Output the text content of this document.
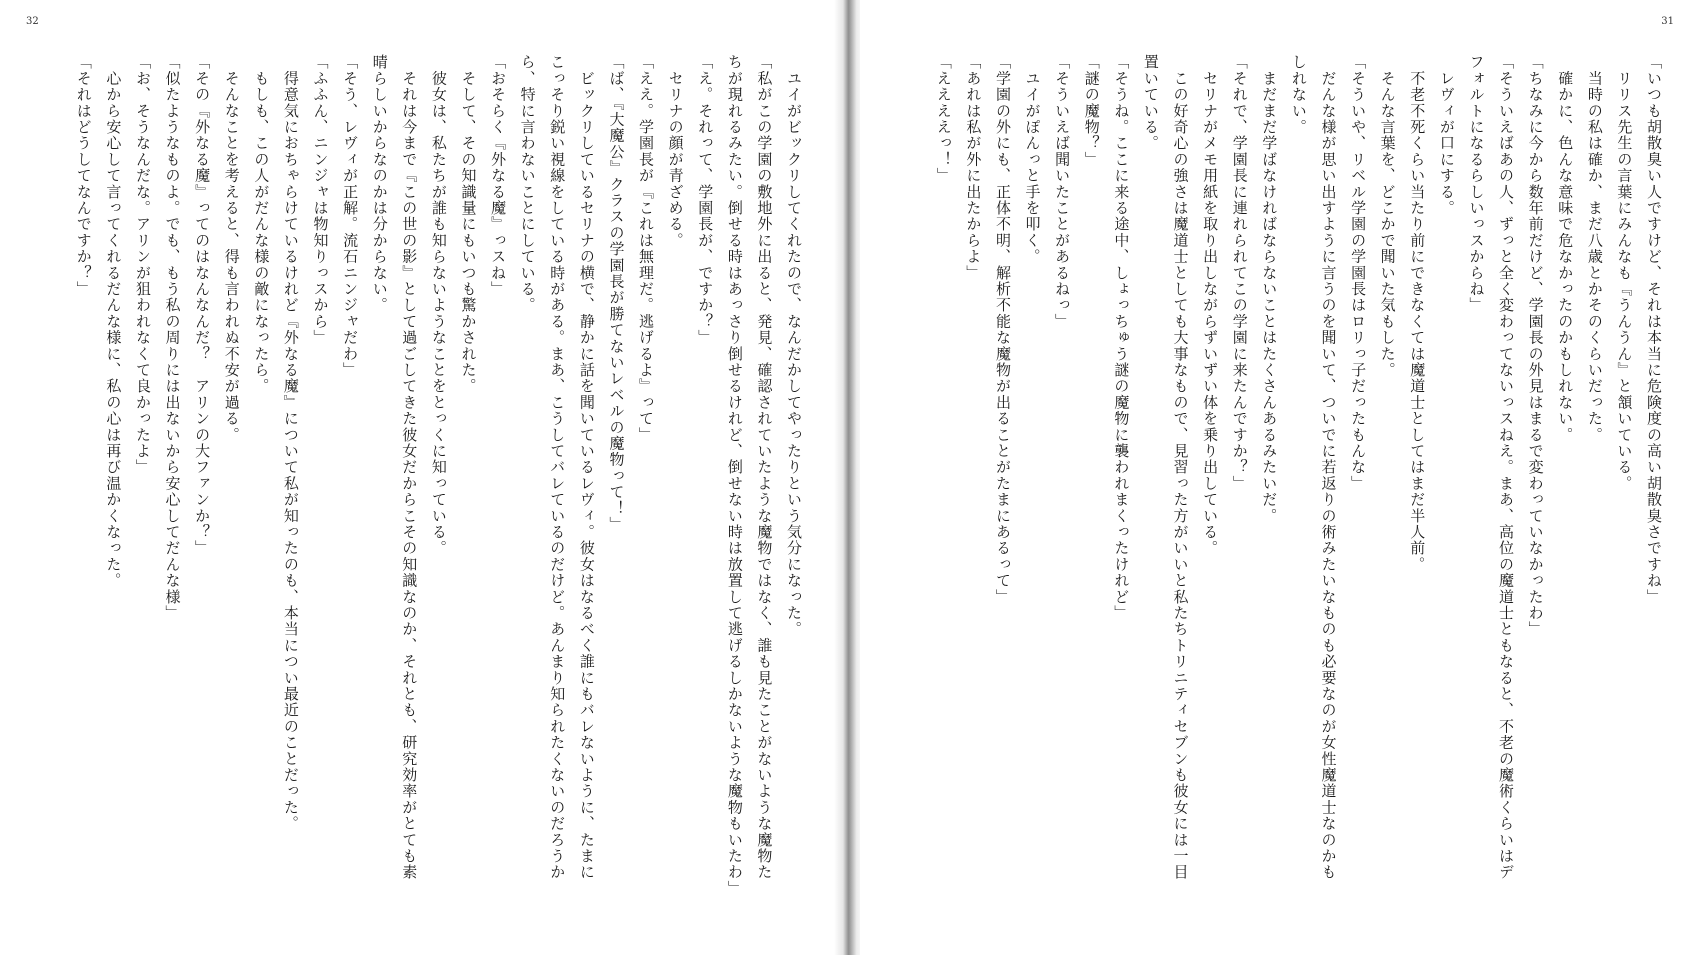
32
　ユイがビックリしてくれたので、なんだかしてやったりという気分になった。
「私がこの学園の敷地外に出ると、発見、確認されていたような魔物ではなく、誰も見たことがないような魔物た
ちが現れるみたい。倒せる時はあっさり倒せるけれど、倒せない時は放置して逃げるしかないような魔物もいたわ」
「え。それって、学園長が、ですか？」
　セリナの顔が青ざめる。
「ええ。学園長が『これは無理だ。逃げるよ』って」
「ば、『大魔公』クラスの学園長が勝てないレベルの魔物って！」
　ビックリしているセリナの横で、静かに話を聞いているレヴィ。彼女はなるべく誰にもバレないように、たまに
こっそり鋭い視線をしている時がある。まあ、こうしてバレているのだけど。あんまり知られたくないのだろうか
ら、特に言わないことにしている。
「おそらく『外なる魔』っスね」
　そして、その知識量にもいつも驚かされた。
　彼女は、私たちが誰も知らないようなことをとっくに知っている。
　それは今まで『この世の影』として過ごしてきた彼女だからこその知識なのか、それとも、研究効率がとても素
晴らしいからなのかは分からない。
「そう、レヴィが正解。流石ニンジャだわ」
「ふふん、ニンジャは物知りっスから」
　得意気におちゃらけているけれど『外なる魔』について私が知ったのも、本当につい最近のことだった。
　もしも、この人がだんな様の敵になったら。
　そんなことを考えると、得も言われぬ不安が過る。
「その『外なる魔』ってのはなんなんだ？　アリンの大ファンか？」
「似たようなものよ。でも、もう私の周りには出ないから安心してだんな様」
「お、そうなんだな。アリンが狙われなくて良かったよ」
　心から安心して言ってくれるだんな様に、私の心は再び温かくなった。
「それはどうしてなんですか？」
31
「いつも胡散臭い人ですけど、それは本当に危険度の高い胡散臭さですね」
　リリス先生の言葉にみんなも『うんうん』と頷いている。
　当時の私は確か、まだ八歳とかそのくらいだった。
　確かに、色んな意味で危なかったのかもしれない。
「ちなみに今から数年前だけど、学園長の外見はまるで変わっていなかったわ」
「そういえばあの人、ずっと全く変わってないっスねえ。まあ、高位の魔道士ともなると、不老の魔術くらいはデ
フォルトになるらしいっスからね」
　レヴィが口にする。
　不老不死くらい当たり前にできなくては魔道士としてはまだ半人前。
　そんな言葉を、どこかで聞いた気もした。
「そういや、リベル学園の学園長はロリっ子だったもんな」
　だんな様が思い出すように言うのを聞いて、ついでに若返りの術みたいなものも必要なのが女性魔道士なのかも
しれない。
　まだまだ学ばなければならないことはたくさんあるみたいだ。
「それで、学園長に連れられてこの学園に来たんですか？」
　セリナがメモ用紙を取り出しながらずいずい体を乗り出している。
　この好奇心の強さは魔道士としても大事なもので、見習った方がいいと私たちトリニティセブンも彼女には一目
置いている。
「そうね。ここに来る途中、しょっちゅう謎の魔物に襲われまくったけれど」
「謎の魔物？」
「そういえば聞いたことがあるねっ」
　ユイがぽんっと手を叩く。
「学園の外にも、正体不明、解析不能な魔物が出ることがたまにあるって」
「あれは私が外に出たからよ」
「ええええっ！」
